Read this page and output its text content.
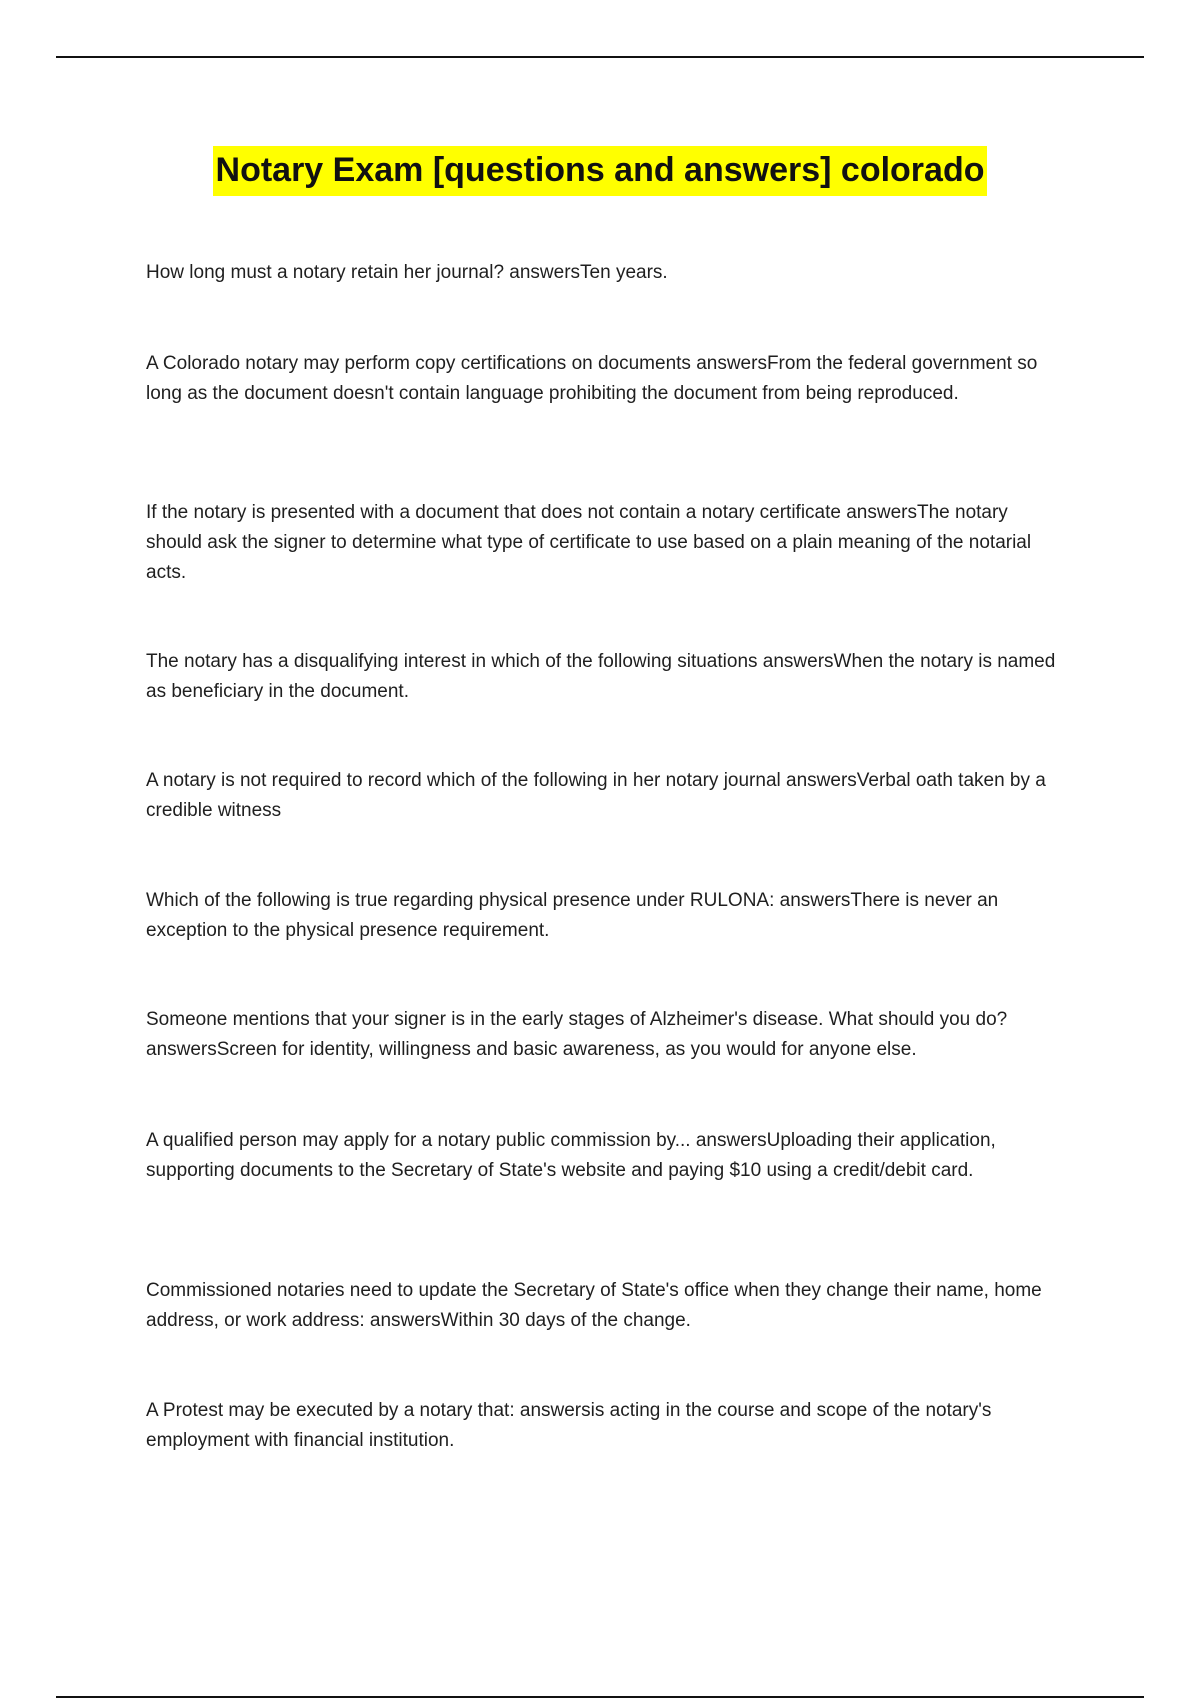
Notary Exam [questions and answers] colorado

How long must a notary retain her journal? answersTen years.

A Colorado notary may perform copy certifications on documents answersFrom the federal government so long as the document doesn't contain language prohibiting the document from being reproduced.

If the notary is presented with a document that does not contain a notary certificate answersThe notary should ask the signer to determine what type of certificate to use based on a plain meaning of the notarial acts.

The notary has a disqualifying interest in which of the following situations answersWhen the notary is named as beneficiary in the document.

A notary is not required to record which of the following in her notary journal answersVerbal oath taken by a credible witness

Which of the following is true regarding physical presence under RULONA: answersThere is never an exception to the physical presence requirement.

Someone mentions that your signer is in the early stages of Alzheimer's disease. What should you do? answersScreen for identity, willingness and basic awareness, as you would for anyone else.

A qualified person may apply for a notary public commission by... answersUploading their application, supporting documents to the Secretary of State's website and paying $10 using a credit/debit card.

Commissioned notaries need to update the Secretary of State's office when they change their name, home address, or work address: answersWithin 30 days of the change.

A Protest may be executed by a notary that: answersis acting in the course and scope of the notary's employment with financial institution.
